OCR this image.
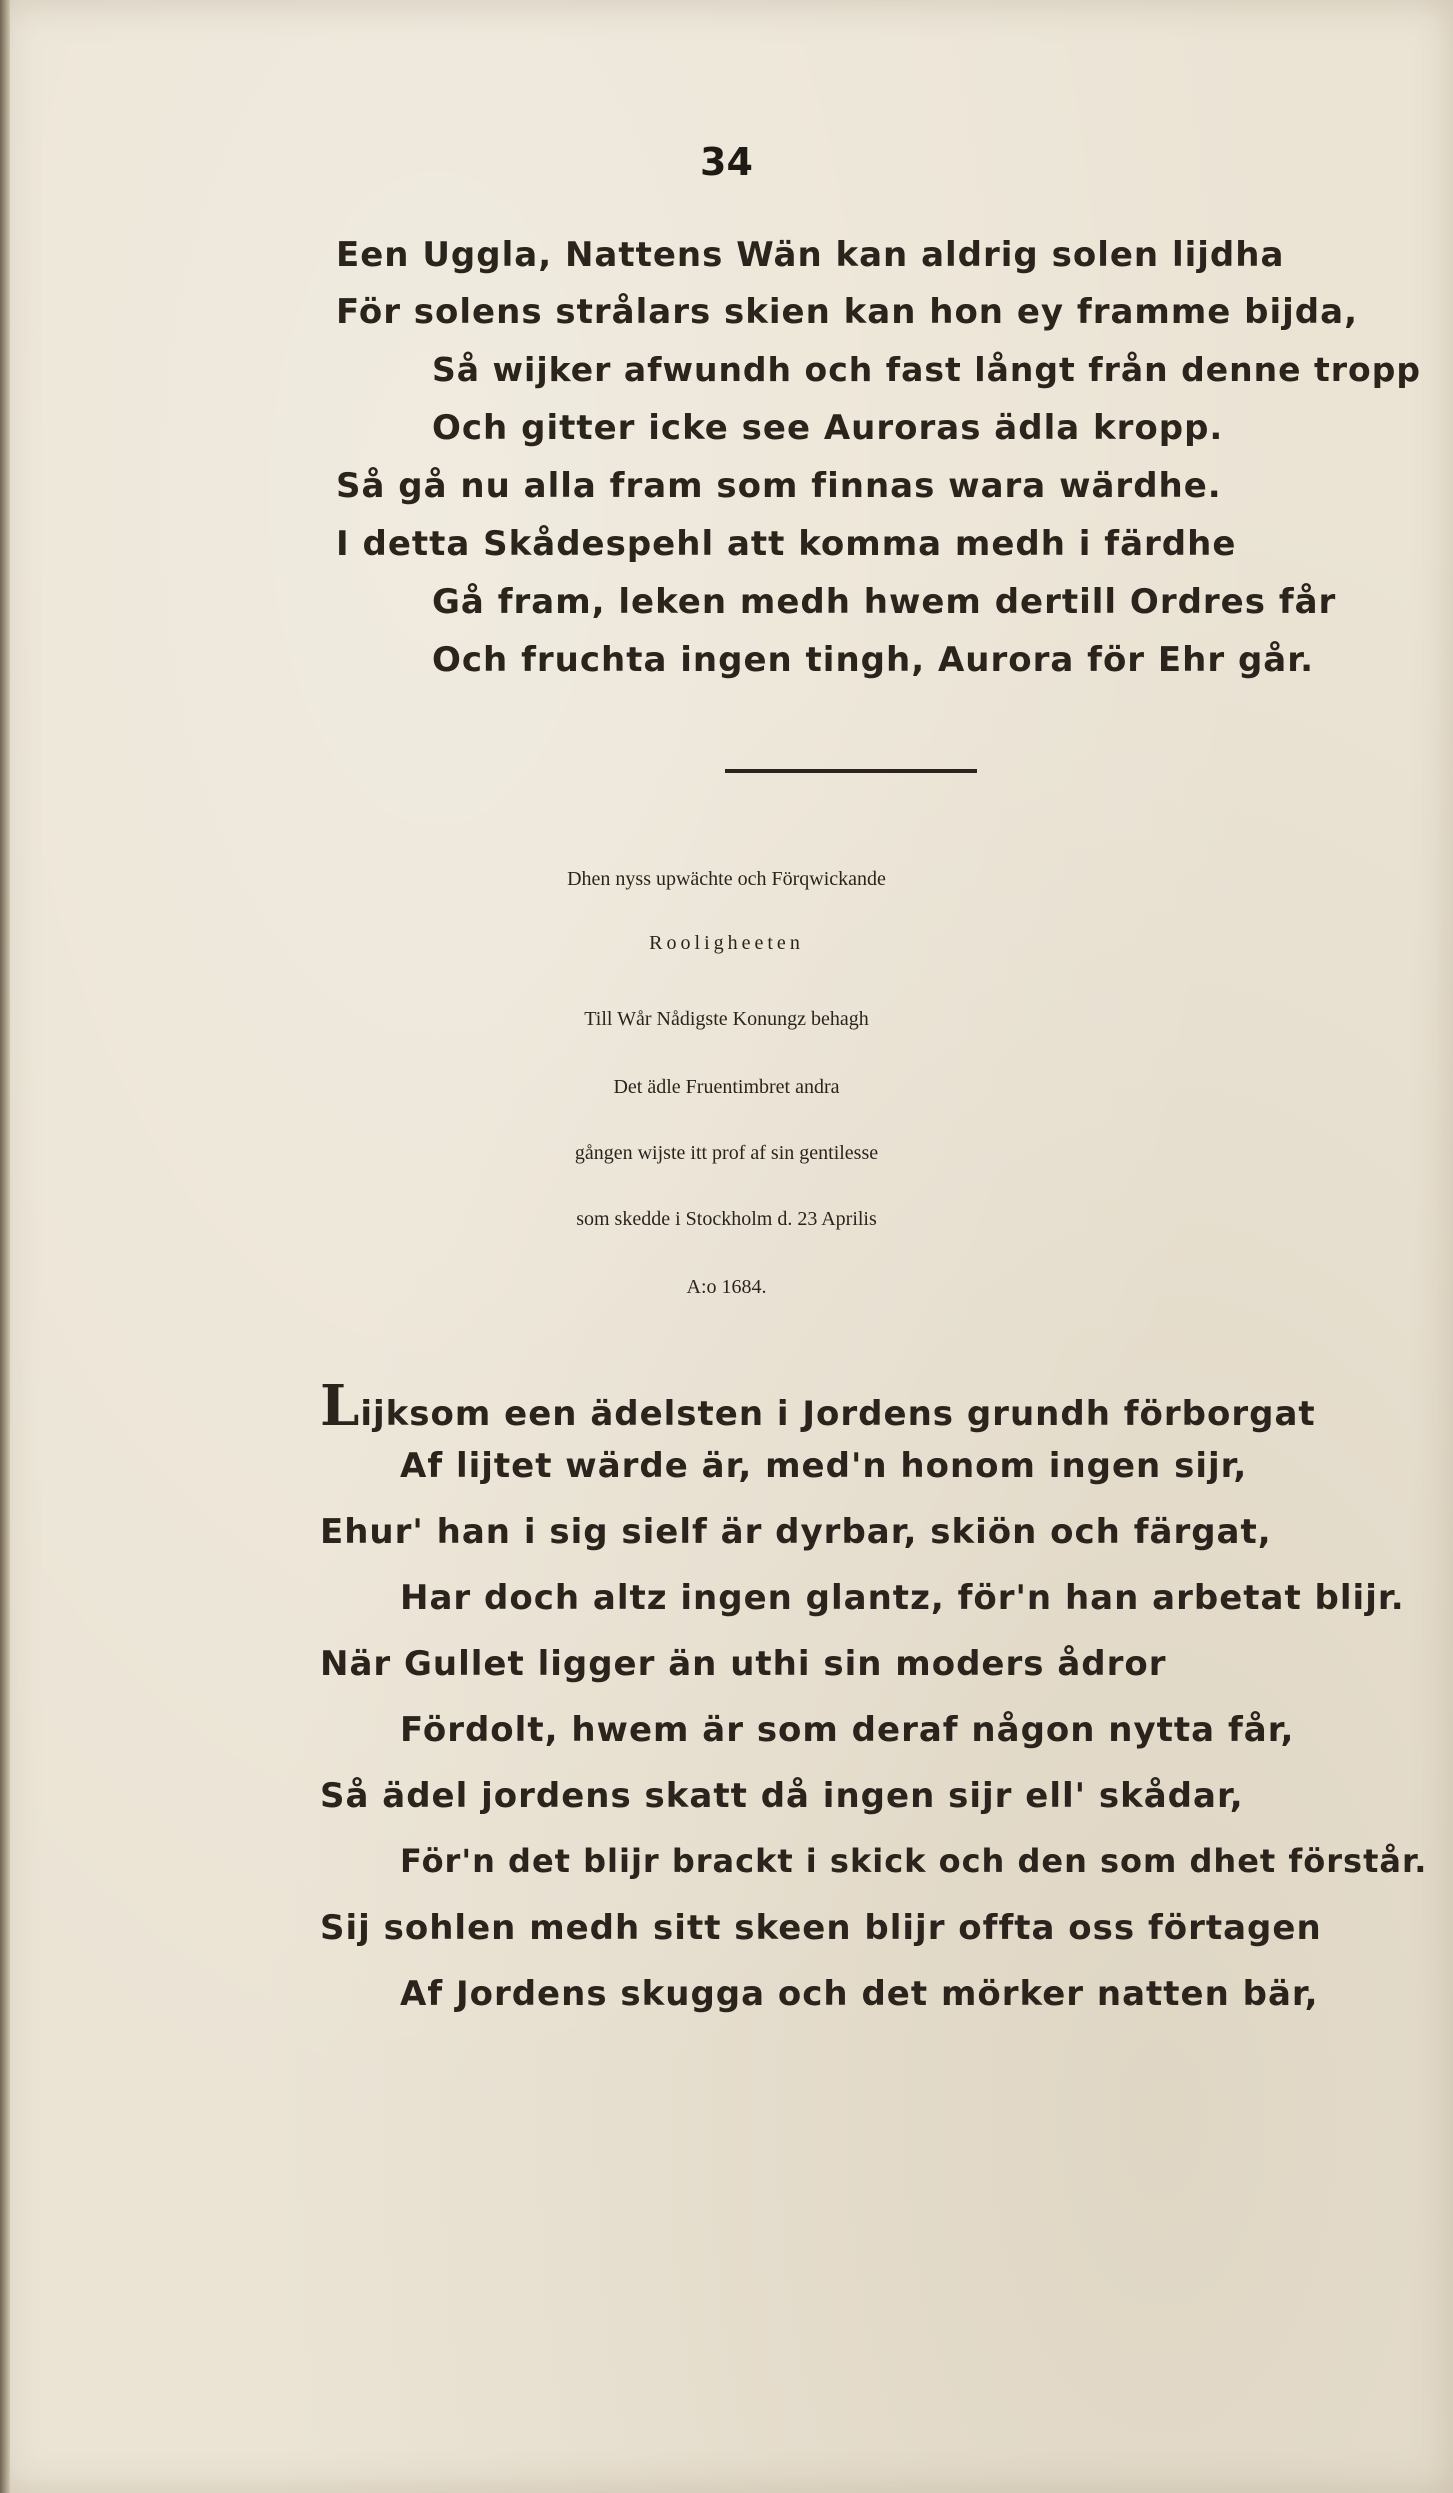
34
Een Uggla, Nattens Wän kan aldrig solen lijdha
För solens strålars skien kan hon ey framme bijda,
Så wijker afwundh och fast långt från denne tropp
Och gitter icke see Auroras ädla kropp.
Så gå nu alla fram som finnas wara wärdhe.
I detta Skådespehl att komma medh i färdhe
Gå fram, leken medh hwem dertill Ordres får
Och fruchta ingen tingh, Aurora för Ehr går.
Dhen nyss upwächte och Förqwickande
Rooligheeten
Till Wår Nådigste Konungz behagh
Det ädle Fruentimbret andra
gången wijste itt prof af sin gentilesse
som skedde i Stockholm d. 23 Aprilis
A:o 1684.
Lijksom een ädelsten i Jordens grundh förborgat
Af lijtet wärde är, med'n honom ingen sijr,
Ehur' han i sig sielf är dyrbar, skiön och färgat,
Har doch altz ingen glantz, för'n han arbetat blijr.
När Gullet ligger än uthi sin moders ådror
Fördolt, hwem är som deraf någon nytta får,
Så ädel jordens skatt då ingen sijr ell' skådar,
För'n det blijr brackt i skick och den som dhet förstår.
Sij sohlen medh sitt skeen blijr offta oss förtagen
Af Jordens skugga och det mörker natten bär,
